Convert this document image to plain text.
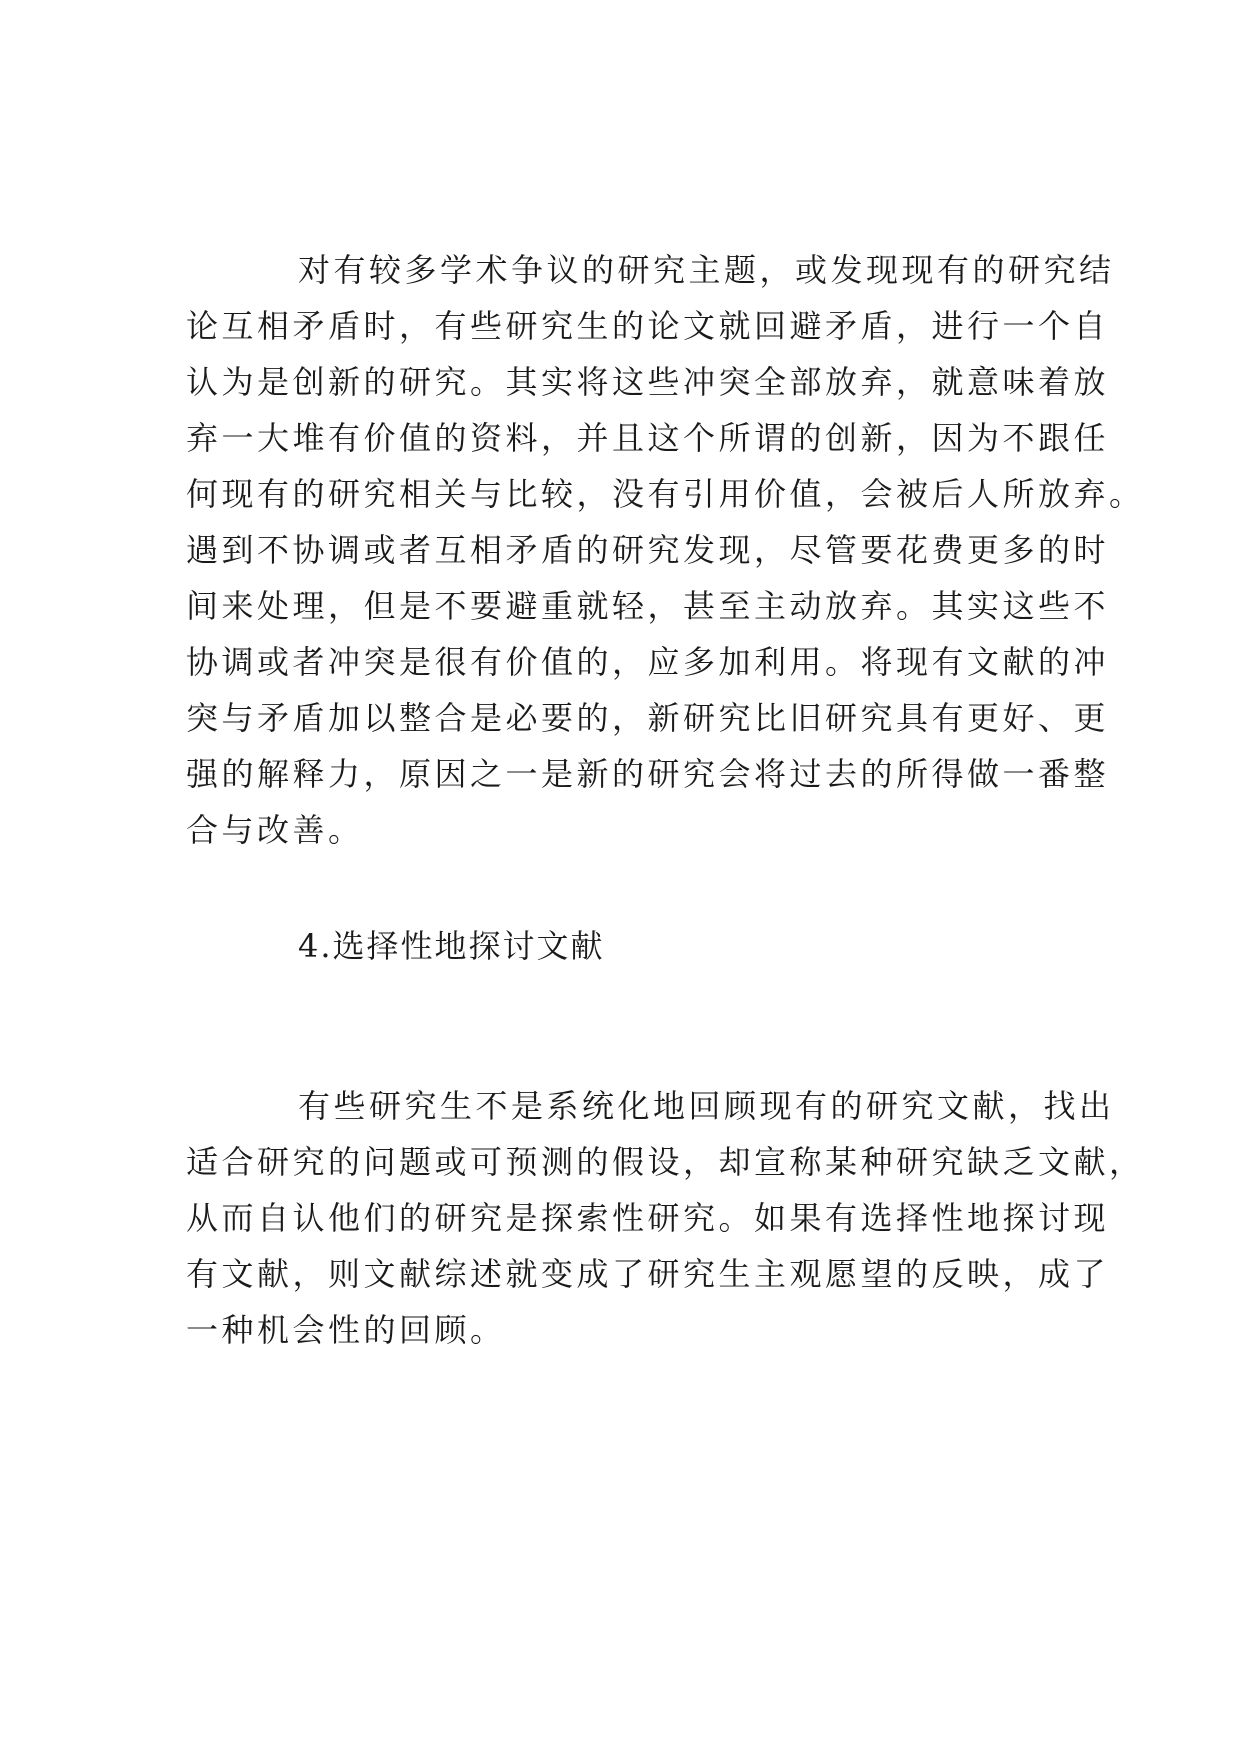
对有较多学术争议的研究主题，或发现现有的研究结
论互相矛盾时，有些研究生的论文就回避矛盾，进行一个自
认为是创新的研究。其实将这些冲突全部放弃，就意味着放
弃一大堆有价值的资料，并且这个所谓的创新，因为不跟任
何现有的研究相关与比较，没有引用价值，会被后人所放弃。
遇到不协调或者互相矛盾的研究发现，尽管要花费更多的时
间来处理，但是不要避重就轻，甚至主动放弃。其实这些不
协调或者冲突是很有价值的，应多加利用。将现有文献的冲
突与矛盾加以整合是必要的，新研究比旧研究具有更好、更
强的解释力，原因之一是新的研究会将过去的所得做一番整
合与改善。
4.选择性地探讨文献
有些研究生不是系统化地回顾现有的研究文献，找出
适合研究的问题或可预测的假设，却宣称某种研究缺乏文献，
从而自认他们的研究是探索性研究。如果有选择性地探讨现
有文献，则文献综述就变成了研究生主观愿望的反映，成了
一种机会性的回顾。
